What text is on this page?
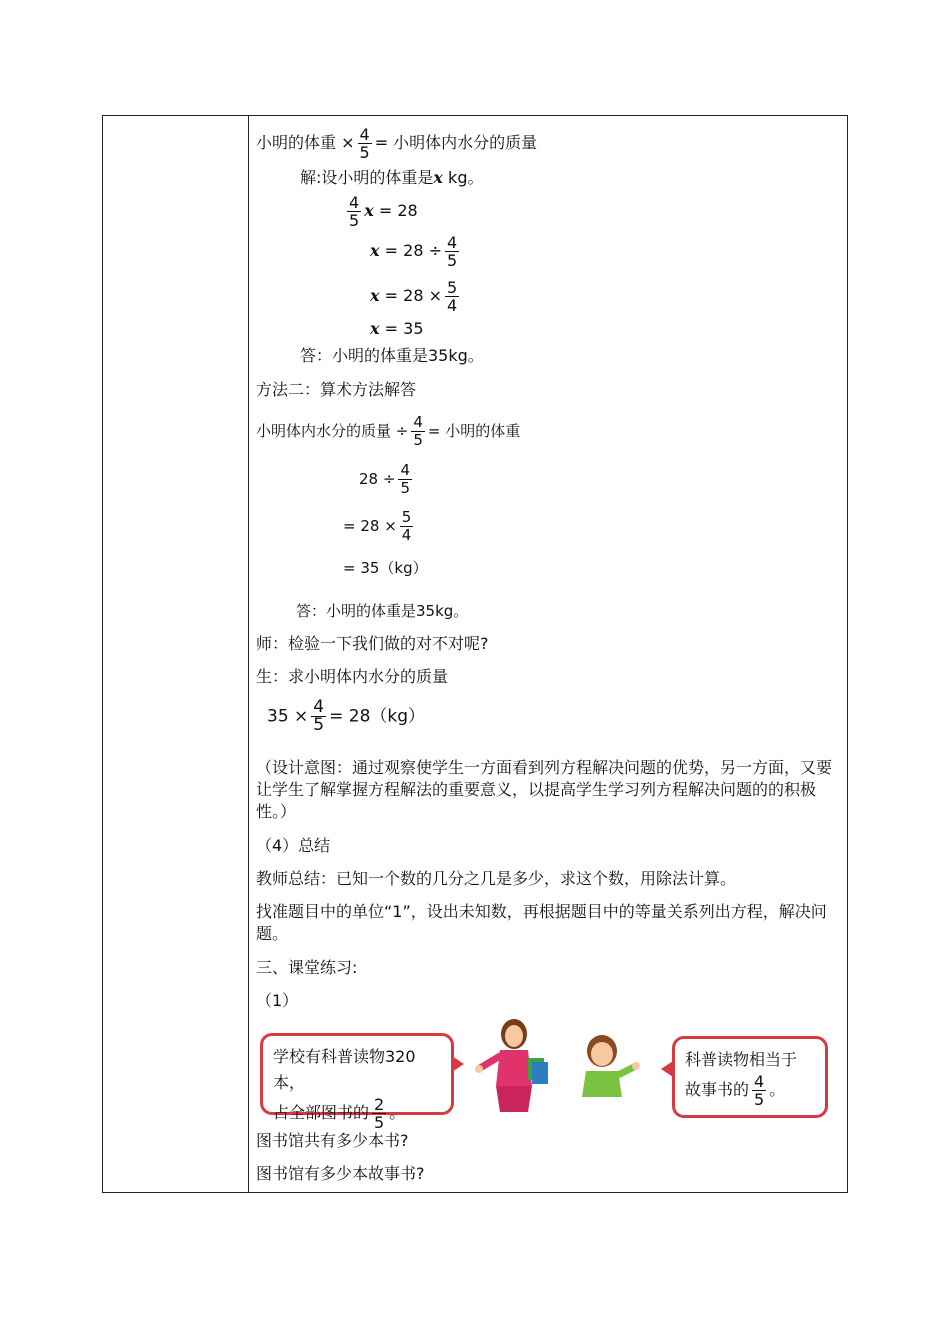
小明的体重 × $\frac{4}{5}$ = 小明体内水分的质量
解:设小明的体重是x kg。
$\frac{4}{5}$ x = 28
$x = 28 \div \frac{4}{5}$
$x = 28 \times \frac{5}{4}$
x = 35
答：小明的体重是35kg。
方法二：算术方法解答
小明体内水分的质量 ÷ $\frac{4}{5}$ = 小明的体重
$28 \div \frac{4}{5}$
= $28 \times \frac{5}{4}$
= 35（kg）
答：小明的体重是35kg。
师：检验一下我们做的对不对呢?
生：求小明体内水分的质量
$35 \times \frac{4}{5} = 28(kg)$
（设计意图：通过观察使学生一方面看到列方程解决问题的优势，另一方面，又要让学生了解掌握方程解法的重要意义，以提高学生学习列方程解决问题的的积极性。）
（4）总结
教师总结：已知一个数的几分之几是多少，求这个数，用除法计算。
找准题目中的单位“1”，设出未知数，再根据题目中的等量关系列出方程，解决问题。
三、课堂练习:
（1）
学校有科普读物320本，
占全部图书的 $\frac{2}{5}$ 。
科普读物相当于
故事书的 $\frac{4}{5}$ 。
图书馆共有多少本书?
图书馆有多少本故事书?
